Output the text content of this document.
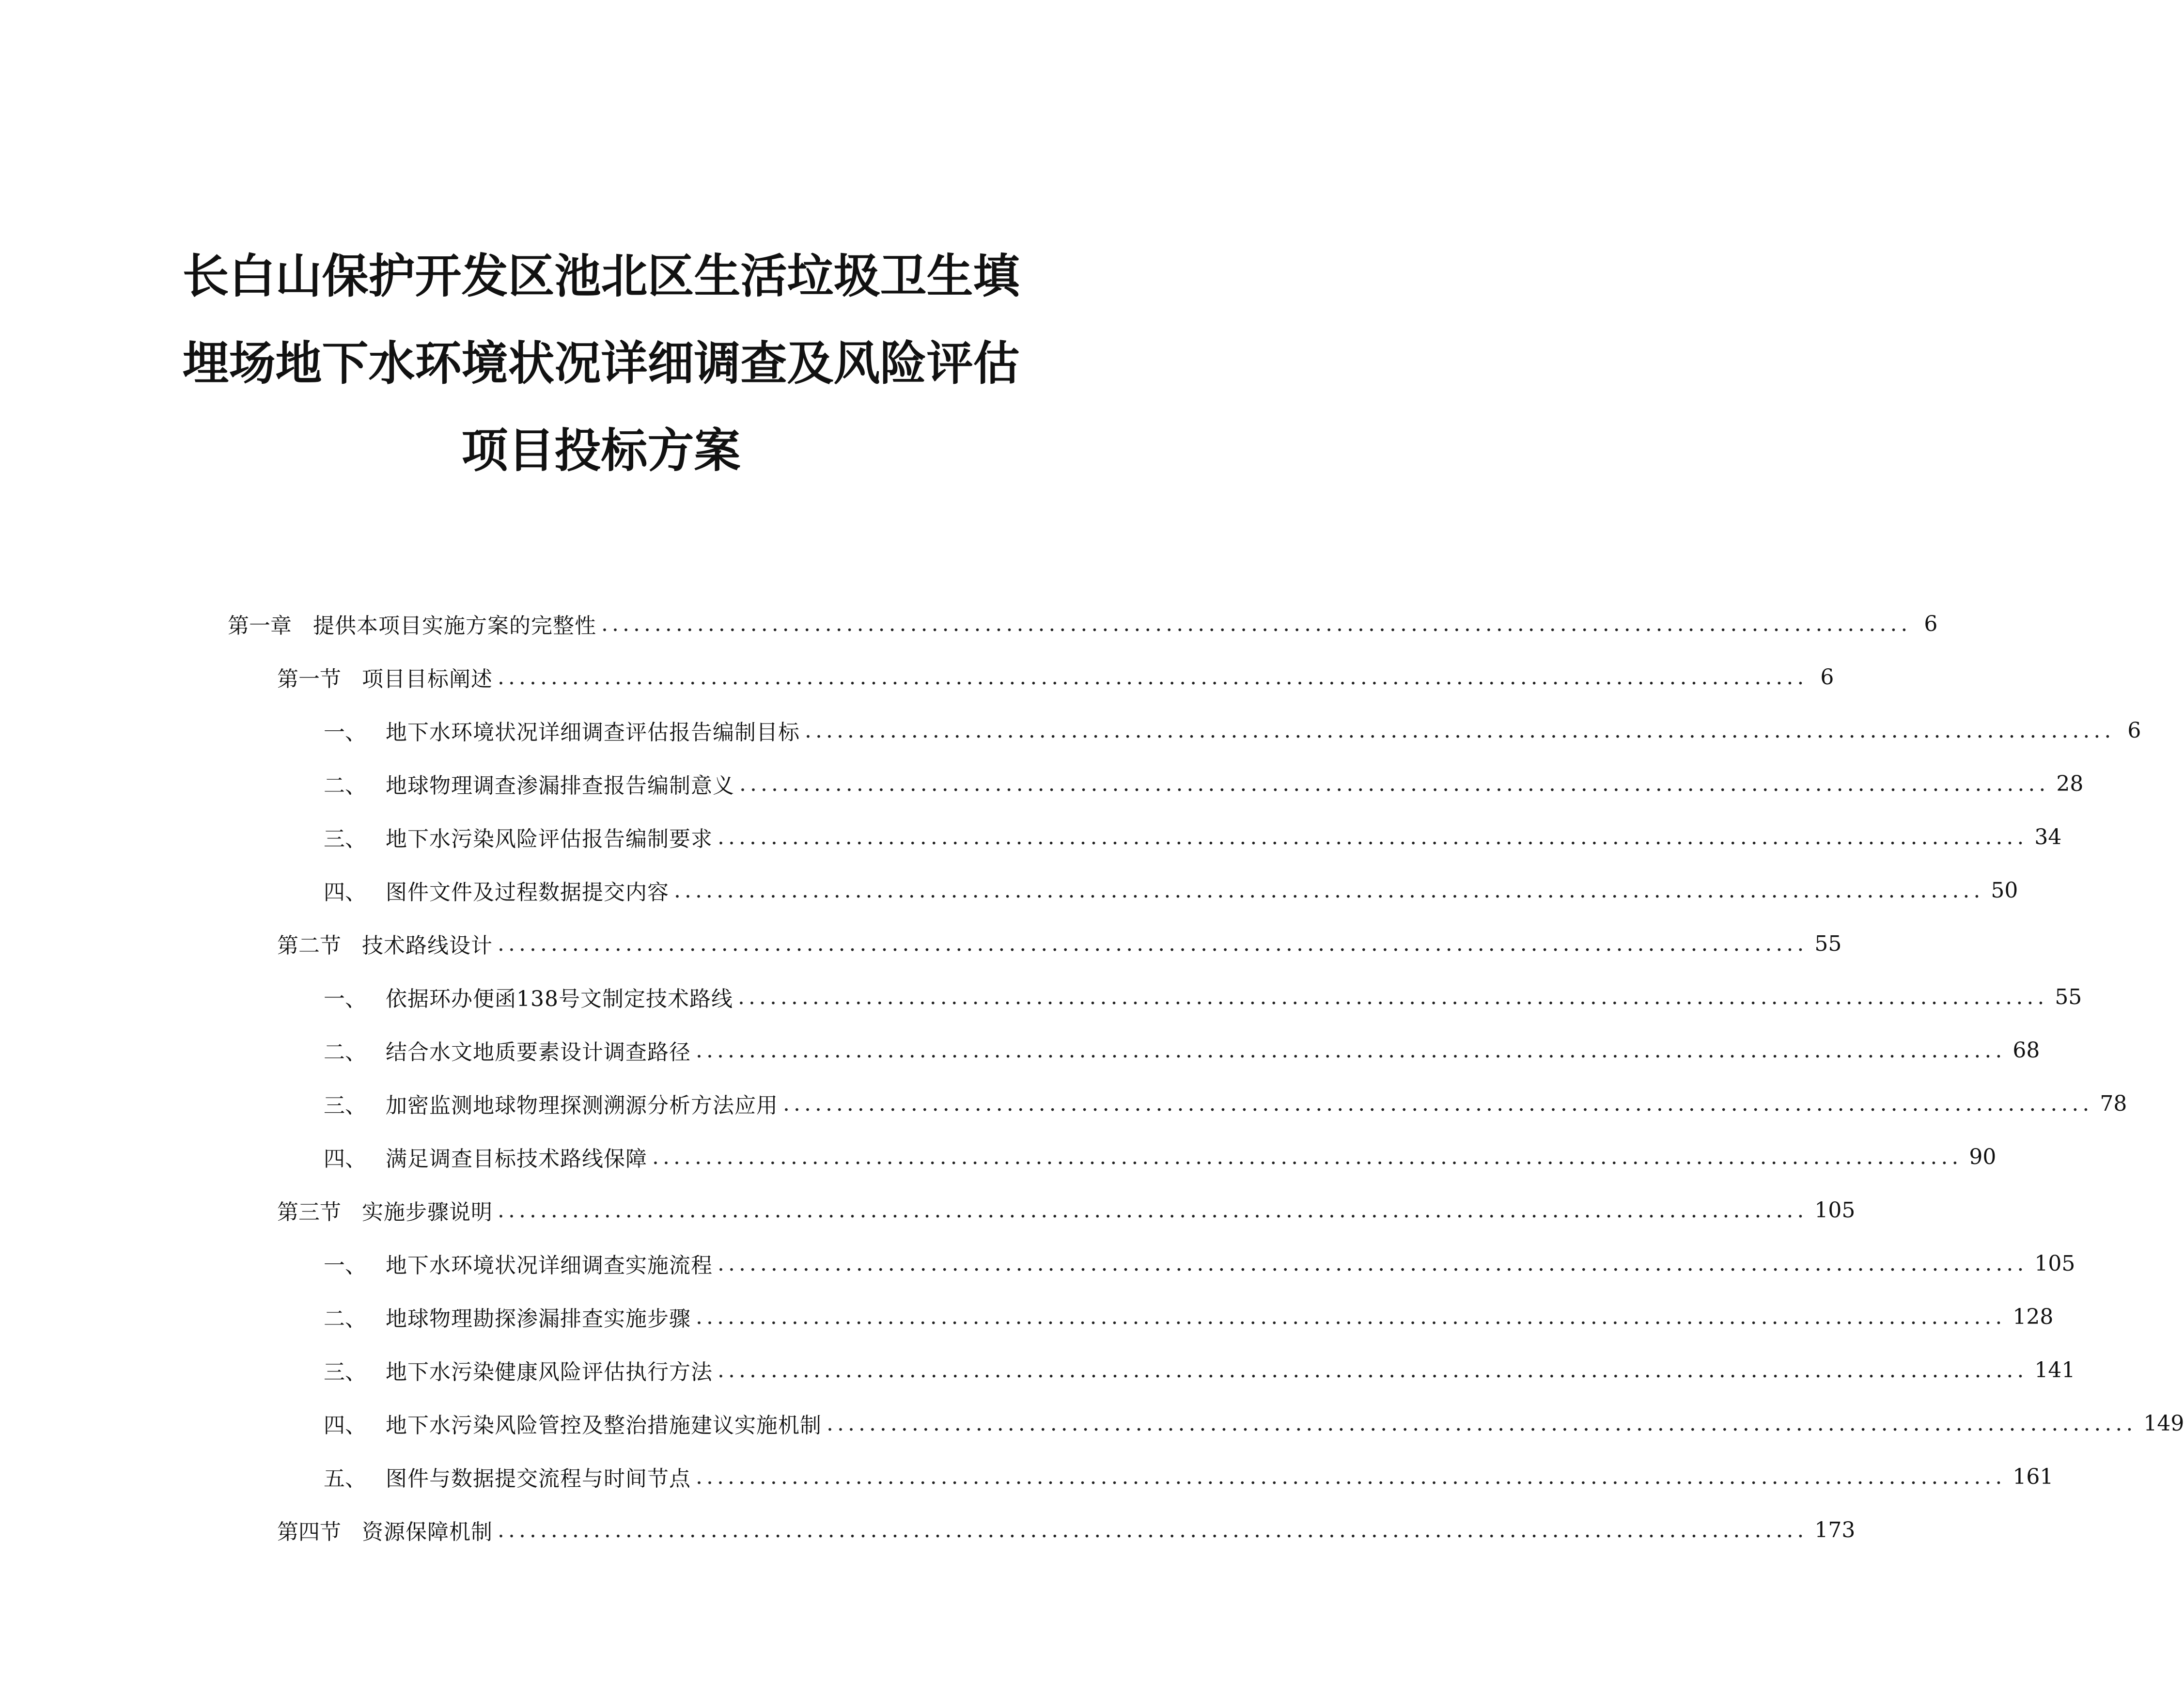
长白山保护开发区池北区生活垃圾卫生填
埋场地下水环境状况详细调查及风险评估
项目投标方案
第一章	提供本项目实施方案的完整性 ........................................................................................................................... 6
第一节 项目目标阐述 ........................................................................................................................... 6
一、 地下水环境状况详细调查评估报告编制目标 ........................................................................................................................... 6
二、 地球物理调查渗漏排查报告编制意义 ........................................................................................................................... 28
三、 地下水污染风险评估报告编制要求 ........................................................................................................................... 34
四、 图件文件及过程数据提交内容 ........................................................................................................................... 50
第二节 技术路线设计 ........................................................................................................................... 55
一、 依据环办便函138号文制定技术路线 ........................................................................................................................... 55
二、 结合水文地质要素设计调查路径 ........................................................................................................................... 68
三、 加密监测地球物理探测溯源分析方法应用 ........................................................................................................................... 78
四、 满足调查目标技术路线保障 ........................................................................................................................... 90
第三节 实施步骤说明 ........................................................................................................................... 105
一、 地下水环境状况详细调查实施流程 ........................................................................................................................... 105
二、 地球物理勘探渗漏排查实施步骤 ........................................................................................................................... 128
三、 地下水污染健康风险评估执行方法 ........................................................................................................................... 141
四、 地下水污染风险管控及整治措施建议实施机制 ........................................................................................................................... 149
五、 图件与数据提交流程与时间节点 ........................................................................................................................... 161
第四节 资源保障机制 ........................................................................................................................... 173
